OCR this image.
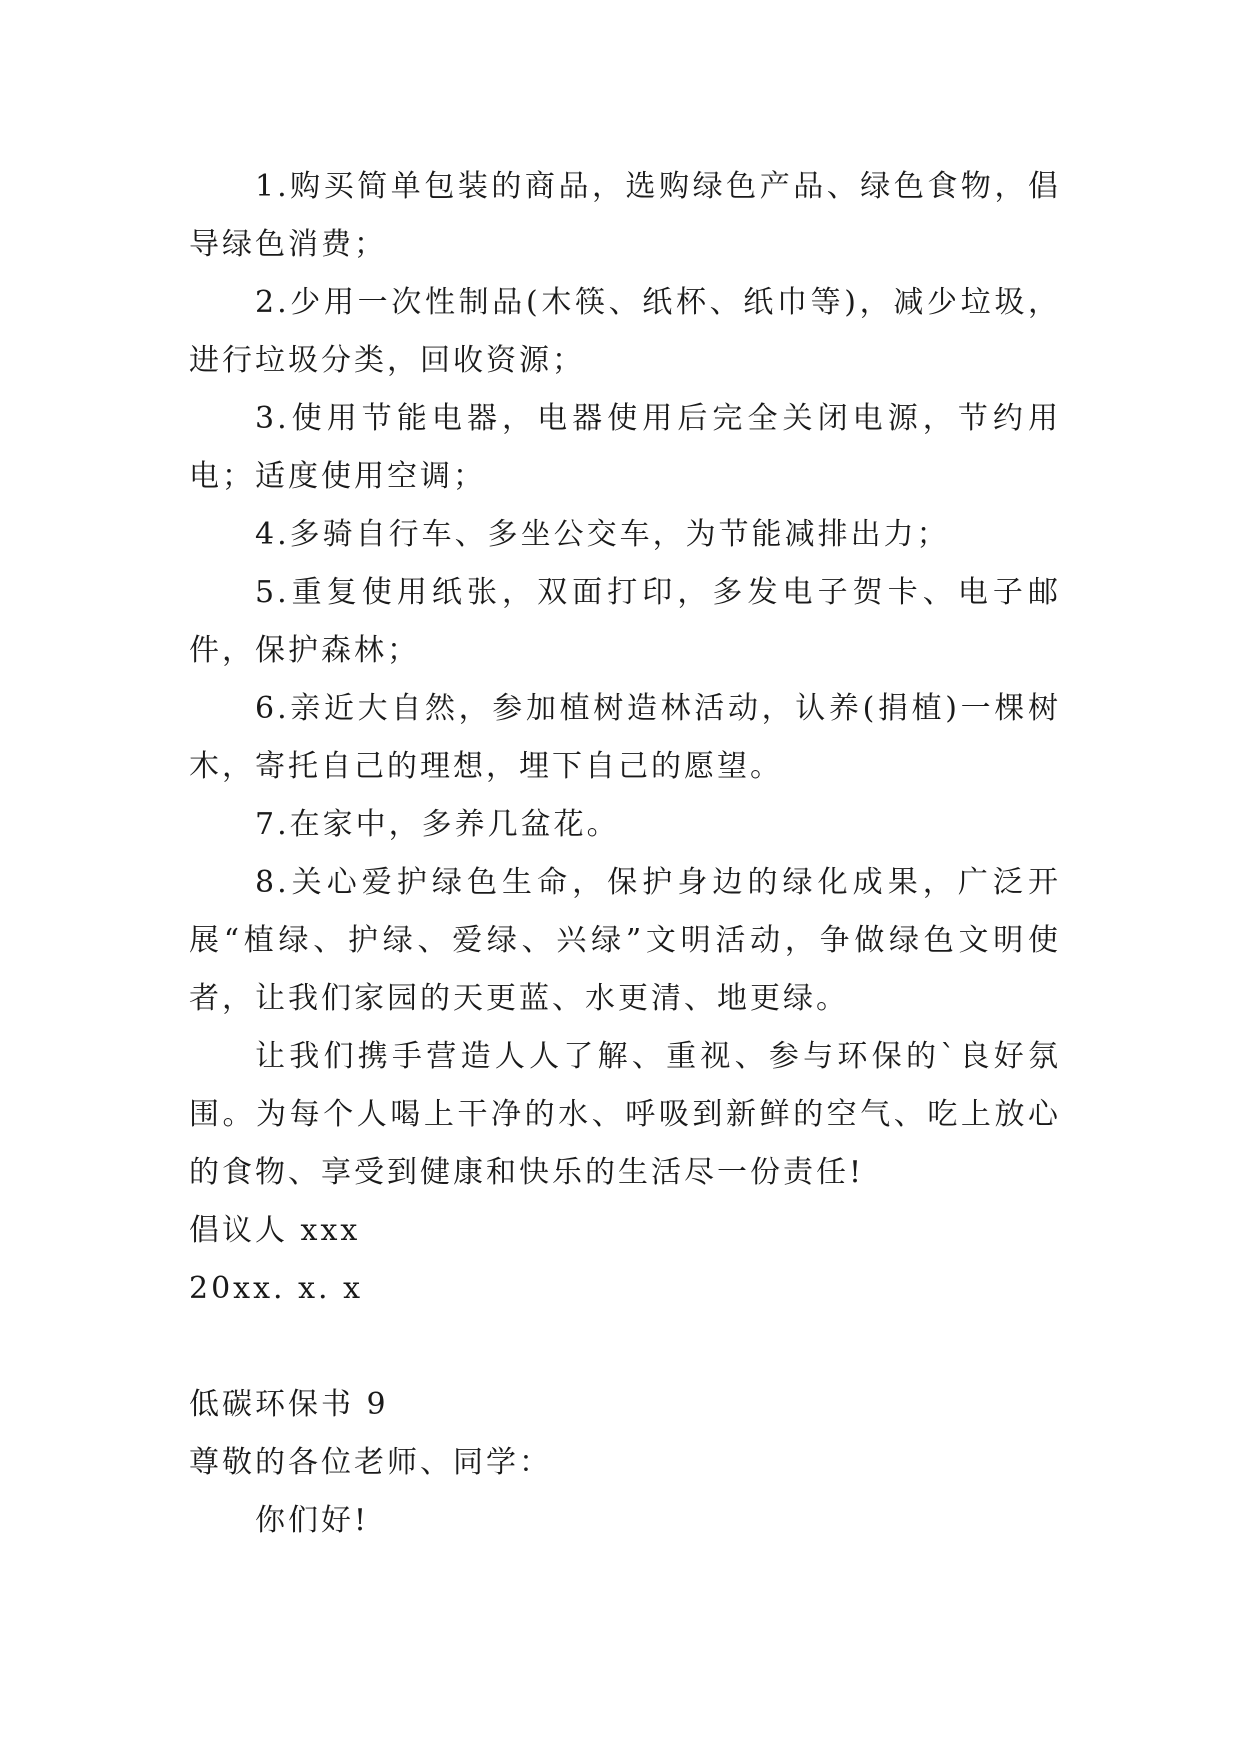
1.购买简单包装的商品，选购绿色产品、绿色食物，倡导绿色消费；

2.少用一次性制品(木筷、纸杯、纸巾等)，减少垃圾，进行垃圾分类，回收资源；

3.使用节能电器，电器使用后完全关闭电源，节约用电；适度使用空调；

4.多骑自行车、多坐公交车，为节能减排出力；

5.重复使用纸张，双面打印，多发电子贺卡、电子邮件，保护森林；

6.亲近大自然，参加植树造林活动，认养(捐植)一棵树木，寄托自己的理想，埋下自己的愿望。

7.在家中，多养几盆花。

8.关心爱护绿色生命，保护身边的绿化成果，广泛开展“植绿、护绿、爱绿、兴绿”文明活动，争做绿色文明使者，让我们家园的天更蓝、水更清、地更绿。

让我们携手营造人人了解、重视、参与环保的`良好氛围。为每个人喝上干净的水、呼吸到新鲜的空气、吃上放心的食物、享受到健康和快乐的生活尽一份责任!

倡议人 xxx

20xx. x. x

低碳环保书 9

尊敬的各位老师、同学：

你们好!
